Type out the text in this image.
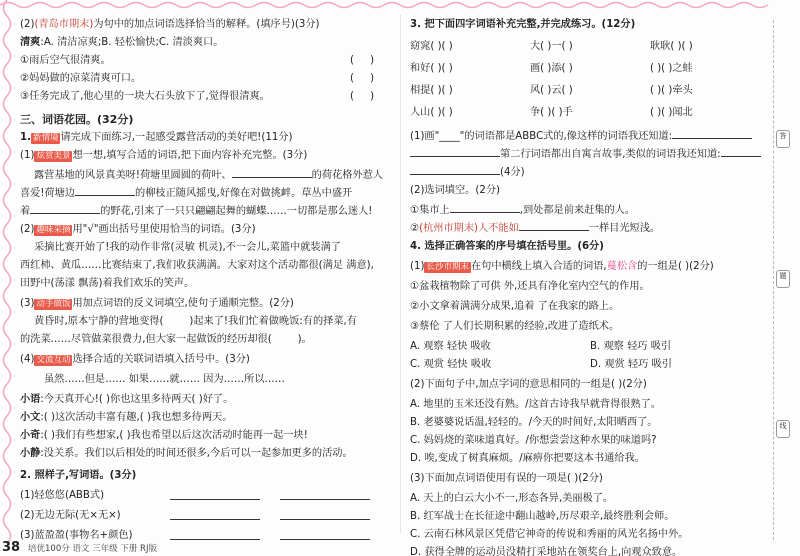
(2)(青岛市期末)为句中的加点词语选择恰当的解释。(填序号)(3分)
清爽:A. 清洁凉爽;B. 轻松愉快;C. 清淡爽口。
①雨后空气很清爽。	(     )
②妈妈做的凉菜清爽可口。	(     )
③任务完成了,他心里的一块大石头放下了,觉得很清爽。	(     )
三、词语花园。(32分)
1. 新情境 请完成下面练习,一起感受露营活动的美好吧!(11分)
(1) 炫赏美景 想一想,填写合适的词语,把下面内容补充完整。(3分)
露营基地的风景真美呀!荷塘里圆圆的荷叶、	的荷花格外惹人
喜爱!荷塘边	的柳枝正随风摇曳,好像在对做挑衅。草丛中盛开
着	的野花,引来了一只只翩翩起舞的蝴蝶……一切都是那么迷人!
(2) 趣味采摘 用"√"画出括号里使用恰当的词语。(3分)
采摘比赛开始了!我的动作非常(灵敏 机灵),不一会儿,菜篮中就装满了
西红柿、黄瓜……比赛结束了,我们收获满满。大家对这个活动都很(满足 满意),
田野中(荡漾 飘荡)着我们欢乐的笑声。
(3) 动手做饭 用加点词语的反义词填空,使句子通顺完整。(2分)
黄昏时,原本宁静的营地变得(	)起来了!我们忙着做晚饭:有的择菜,有
的洗菜……尽管做菜很费力,但大家一起做饭的经历却很(	)。
(4) 交流互动 选择合适的关联词语填入括号中。(3分)
虽然……但是…… 如果……就…… 因为……所以……
小语:今天真开心!( )你也这里多待两天( )好了。
小文:( )这次活动丰富有趣,( )我也想多待两天。
小奇:( )我们有些想家,( )我也希望以后这次活动时能再一起一块!
小静:没关系。我们以后相处的时间还很多,今后可以一起参加更多的活动。
2. 照样子,写词语。(3分)
(1)轻悠悠(ABB式)
(2)无边无际(无×无×)
(3)蓝盈盈(事物名+颜色)
3. 把下面四字词语补充完整,并完成练习。(12分)
窈窕( )( )	大( )一( )	耿耿( )( )
和好( )( )	画( )添( )	( )( )之蛙
相提( )( )	风( )云( )	( )( )牵头
人山( )( )	争( )( )手	( )( )闻北
(1)画"____"的词语都是ABBC式的,像这样的词语我还知道:
第二行词语都出自寓言故事,类似的词语我还知道:
(4分)
(2)选词填空。(2分)
①集市上	,到处都是前来赶集的人。
②(杭州市期末)人不能如	一样目光短浅。
4. 选择正确答案的序号填在括号里。(6分)
(1) 长沙市期末 在句中横线上填入合适的词语,蔓松含的一组是( )(2分)
①盆栽植物除了可供 外,还具有净化室内空气的作用。
②小文拿着满满分成果,追着 了在我家的路上。
③蔡伦 了人们长期积累的经验,改进了造纸术。
A. 观察 轻快 吸收	B. 观察 轻巧 吸引
C. 观赏 轻快 吸收	D. 观赏 轻巧 吸引
(2)下面句子中,加点字词的意思相同的一组是( )(2分)
A. 地里的玉米还没有熟。/这首古诗我早就背得很熟了。
B. 老婆婆说话温,轻轻的。/今天的时间好,太阳晒西了。
C. 妈妈烧的菜味道真好。/你想尝尝这种水果的味道吗?
D. 唉,变成了树真麻烦。/麻痹你把要这本书通给我。
(3)下面加点词语使用有误的一项是( )(2分)
A. 天上的白云大小不一,形态各异,美丽极了。
B. 红军战士在长征途中翻山越岭,历尽艰辛,最终胜利会师。
C. 云南石林风景区凭借它神奇的传说和秀丽的风光名扬中外。
D. 获得全牌的运动员没精打采地站在领奖台上,向观众致意。
答
题
线
38 培优100分 语文 三年级 下册 RJ版
